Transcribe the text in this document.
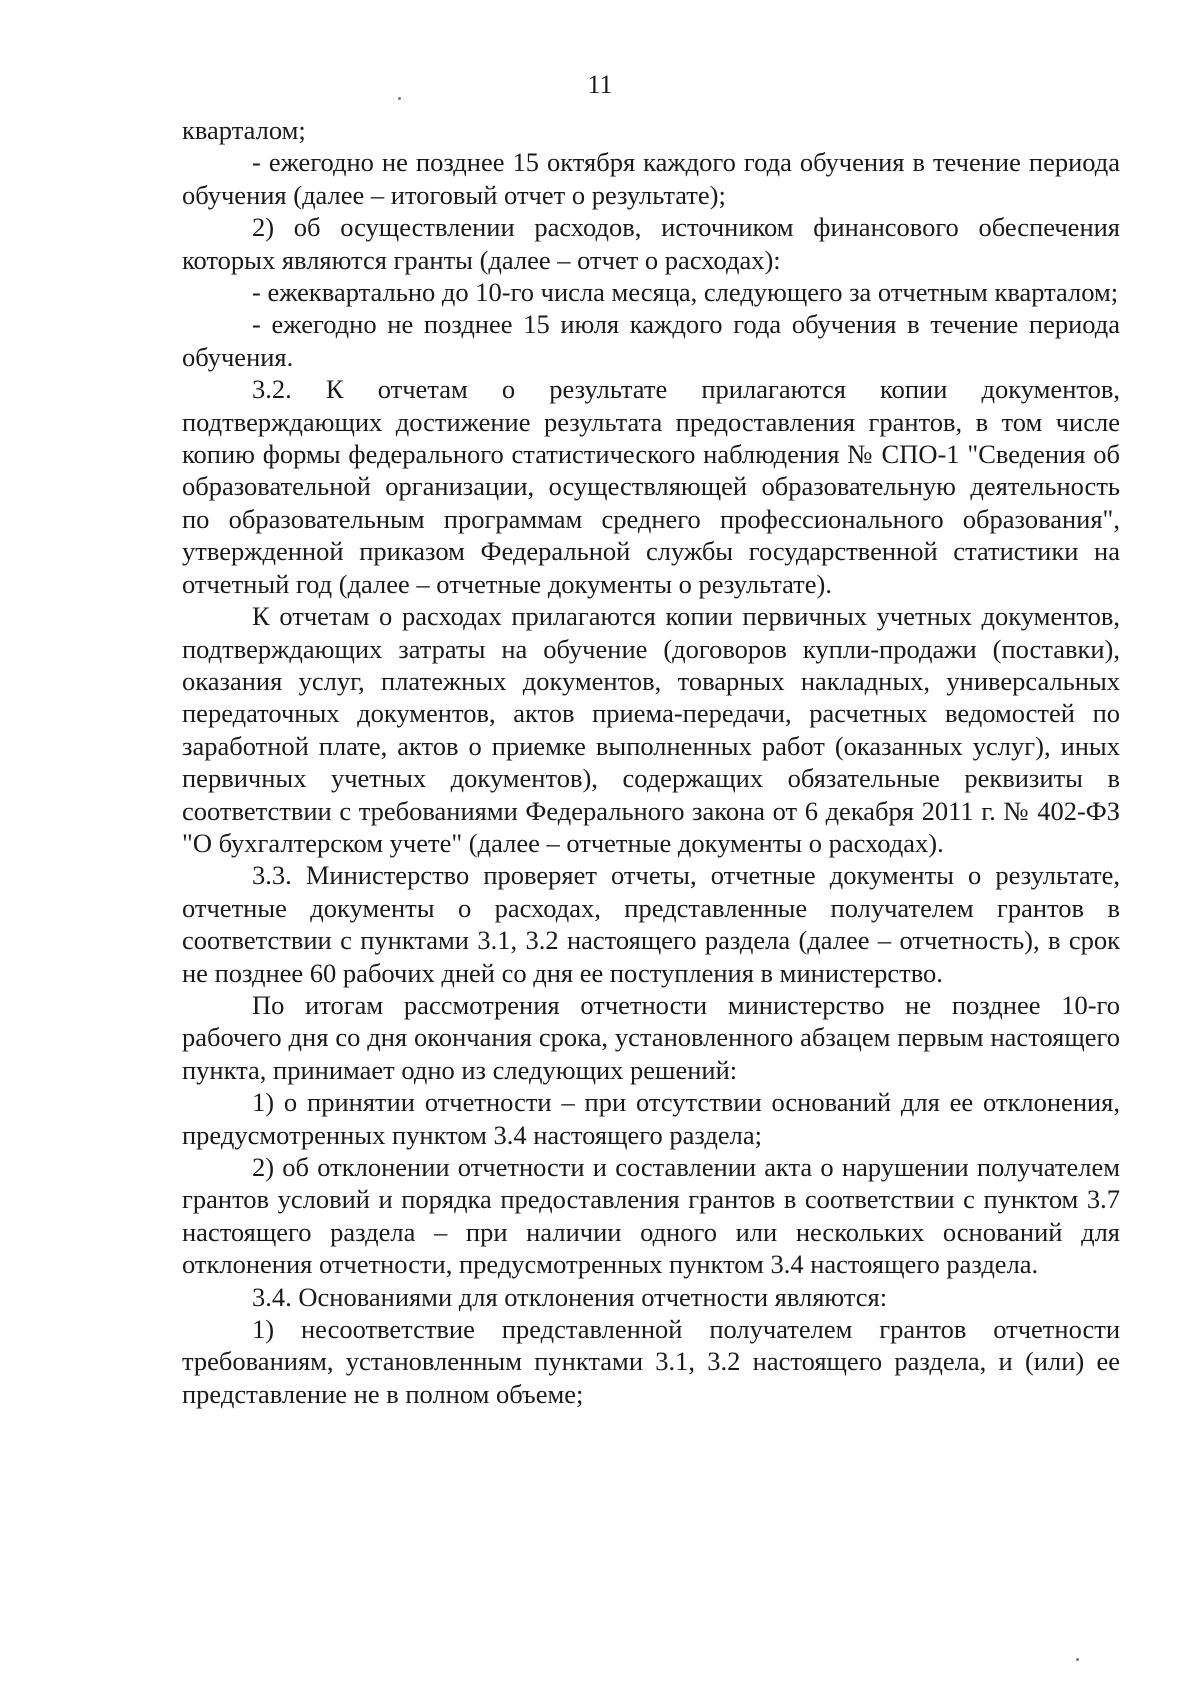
11

кварталом;

- ежегодно не позднее 15 октября каждого года обучения в течение периода обучения (далее – итоговый отчет о результате);

2) об осуществлении расходов, источником финансового обеспечения которых являются гранты (далее – отчет о расходах):

- ежеквартально до 10-го числа месяца, следующего за отчетным кварталом;

- ежегодно не позднее 15 июля каждого года обучения в течение периода обучения.

3.2. К отчетам о результате прилагаются копии документов, подтверждающих достижение результата предоставления грантов, в том числе копию формы федерального статистического наблюдения № СПО-1 "Сведения об образовательной организации, осуществляющей образовательную деятельность по образовательным программам среднего профессионального образования", утвержденной приказом Федеральной службы государственной статистики на отчетный год (далее – отчетные документы о результате).

К отчетам о расходах прилагаются копии первичных учетных документов, подтверждающих затраты на обучение (договоров купли-продажи (поставки), оказания услуг, платежных документов, товарных накладных, универсальных передаточных документов, актов приема-передачи, расчетных ведомостей по заработной плате, актов о приемке выполненных работ (оказанных услуг), иных первичных учетных документов), содержащих обязательные реквизиты в соответствии с требованиями Федерального закона от 6 декабря 2011 г. № 402-ФЗ "О бухгалтерском учете" (далее – отчетные документы о расходах).

3.3. Министерство проверяет отчеты, отчетные документы о результате, отчетные документы о расходах, представленные получателем грантов в соответствии с пунктами 3.1, 3.2 настоящего раздела (далее – отчетность), в срок не позднее 60 рабочих дней со дня ее поступления в министерство.

По итогам рассмотрения отчетности министерство не позднее 10-го рабочего дня со дня окончания срока, установленного абзацем первым настоящего пункта, принимает одно из следующих решений:

1) о принятии отчетности – при отсутствии оснований для ее отклонения, предусмотренных пунктом 3.4 настоящего раздела;

2) об отклонении отчетности и составлении акта о нарушении получателем грантов условий и порядка предоставления грантов в соответствии с пунктом 3.7 настоящего раздела – при наличии одного или нескольких оснований для отклонения отчетности, предусмотренных пунктом 3.4 настоящего раздела.

3.4. Основаниями для отклонения отчетности являются:

1) несоответствие представленной получателем грантов отчетности требованиям, установленным пунктами 3.1, 3.2 настоящего раздела, и (или) ее представление не в полном объеме;
